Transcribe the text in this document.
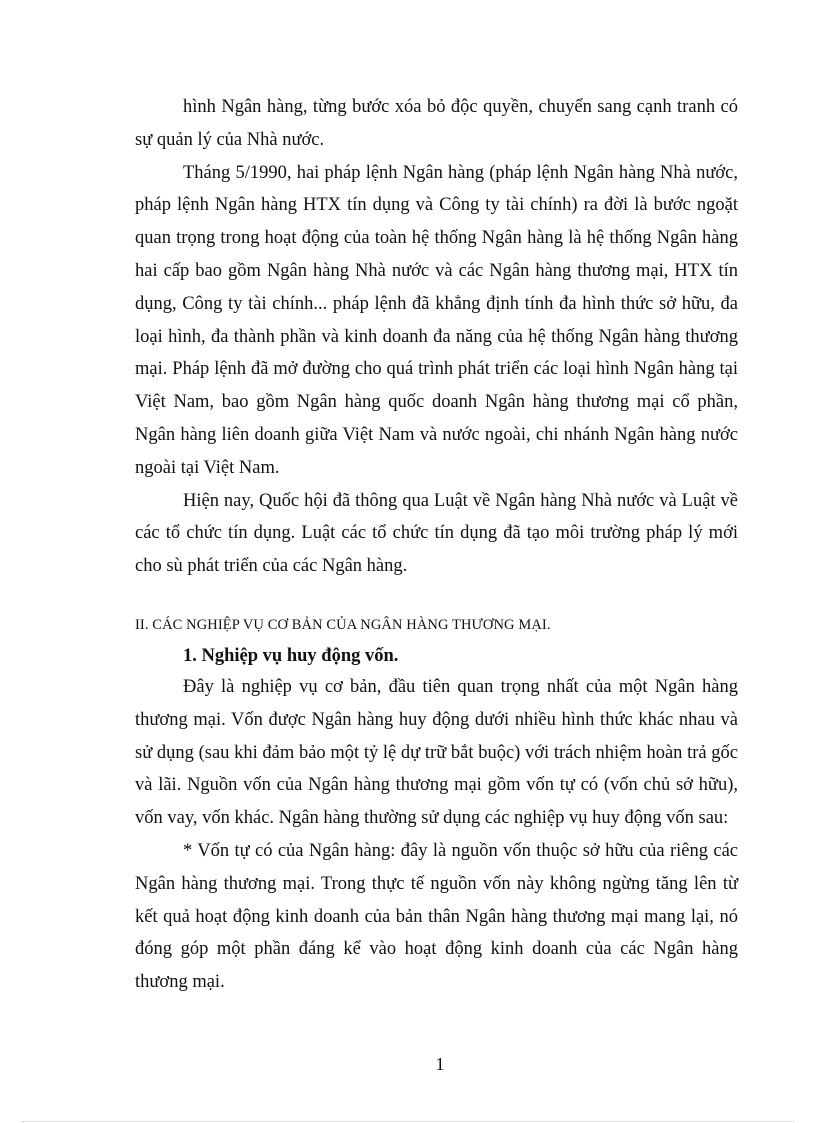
hình Ngân hàng, từng bước xóa bỏ độc quyền, chuyển sang cạnh tranh có sự quản lý của Nhà nước.

Tháng 5/1990, hai pháp lệnh Ngân hàng (pháp lệnh Ngân hàng Nhà nước, pháp lệnh Ngân hàng HTX tín dụng và Công ty tài chính) ra đời là bước ngoặt quan trọng trong hoạt động của toàn hệ thống Ngân hàng là hệ thống Ngân hàng hai cấp bao gồm Ngân hàng Nhà nước và các Ngân hàng thương mại, HTX tín dụng, Công ty tài chính... pháp lệnh đã khẳng định tính đa hình thức sở hữu, đa loại hình, đa thành phần và kinh doanh đa năng của hệ thống Ngân hàng thương mại. Pháp lệnh đã mở đường cho quá trình phát triển các loại hình Ngân hàng tại Việt Nam, bao gồm Ngân hàng quốc doanh Ngân hàng thương mại cổ phần, Ngân hàng liên doanh giữa Việt Nam và nước ngoài, chi nhánh Ngân hàng nước ngoài tại Việt Nam.

Hiện nay, Quốc hội đã thông qua Luật về Ngân hàng Nhà nước và Luật về các tổ chức tín dụng. Luật các tổ chức tín dụng đã tạo môi trường pháp lý mới cho sù phát triển của các Ngân hàng.

II. CÁC NGHIỆP VỤ CƠ BẢN CỦA NGÂN HÀNG THƯƠNG MẠI.

1. Nghiệp vụ huy động vốn.

Đây là nghiệp vụ cơ bản, đầu tiên quan trọng nhất của một Ngân hàng thương mại. Vốn được Ngân hàng huy động dưới nhiều hình thức khác nhau và sử dụng (sau khi đảm bảo một tỷ lệ dự trữ bắt buộc) với trách nhiệm hoàn trả gốc và lãi. Nguồn vốn của Ngân hàng thương mại gồm vốn tự có (vốn chủ sở hữu), vốn vay, vốn khác. Ngân hàng thường sử dụng các nghiệp vụ huy động vốn sau:

* Vốn tự có của Ngân hàng: đây là nguồn vốn thuộc sở hữu của riêng các Ngân hàng thương mại. Trong thực tế nguồn vốn này không ngừng tăng lên từ kết quả hoạt động kinh doanh của bản thân Ngân hàng thương mại mang lại, nó đóng góp một phần đáng kể vào hoạt động kinh doanh của các Ngân hàng thương mại.

1
